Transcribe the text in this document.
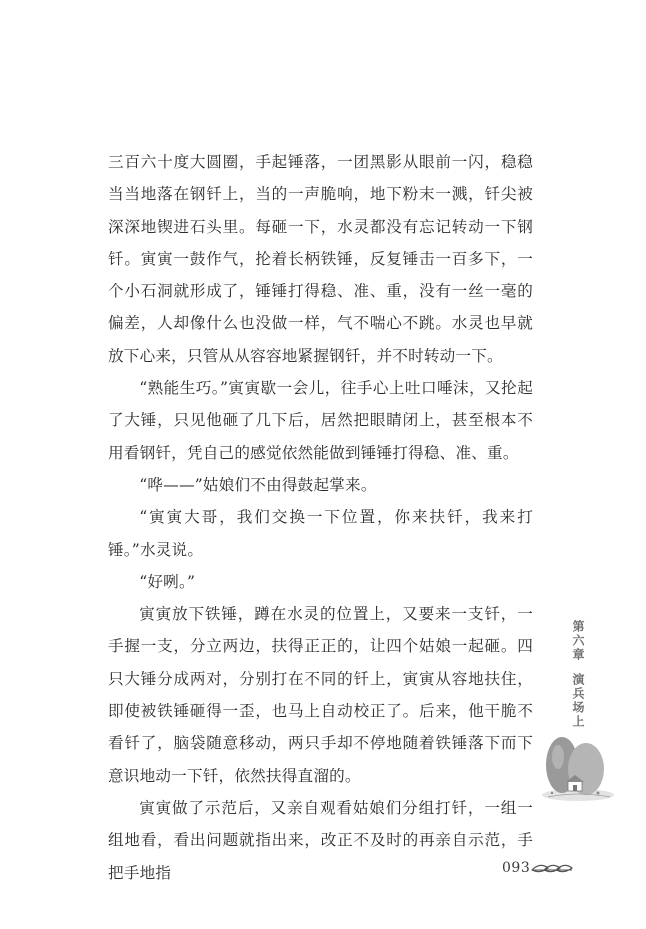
三百六十度大圆圈，手起锤落，一团黑影从眼前一闪，稳稳当当地落在钢钎上，当的一声脆响，地下粉末一溅，钎尖被深深地锲进石头里。每砸一下，水灵都没有忘记转动一下钢钎。寅寅一鼓作气，抡着长柄铁锤，反复锤击一百多下，一个小石洞就形成了，锤锤打得稳、准、重，没有一丝一毫的偏差，人却像什么也没做一样，气不喘心不跳。水灵也早就放下心来，只管从从容容地紧握钢钎，并不时转动一下。

“熟能生巧。”寅寅歇一会儿，往手心上吐口唾沫，又抡起了大锤，只见他砸了几下后，居然把眼睛闭上，甚至根本不用看钢钎，凭自己的感觉依然能做到锤锤打得稳、准、重。

“哗——”姑娘们不由得鼓起掌来。

“寅寅大哥，我们交换一下位置，你来扶钎，我来打锤。”水灵说。

“好咧。”

寅寅放下铁锤，蹲在水灵的位置上，又要来一支钎，一手握一支，分立两边，扶得正正的，让四个姑娘一起砸。四只大锤分成两对，分别打在不同的钎上，寅寅从容地扶住，即使被铁锤砸得一歪，也马上自动校正了。后来，他干脆不看钎了，脑袋随意移动，两只手却不停地随着铁锤落下而下意识地动一下钎，依然扶得直溜的。

寅寅做了示范后，又亲自观看姑娘们分组打钎，一组一组地看，看出问题就指出来，改正不及时的再亲自示范，手把手地指

第六章 演兵场上
093
